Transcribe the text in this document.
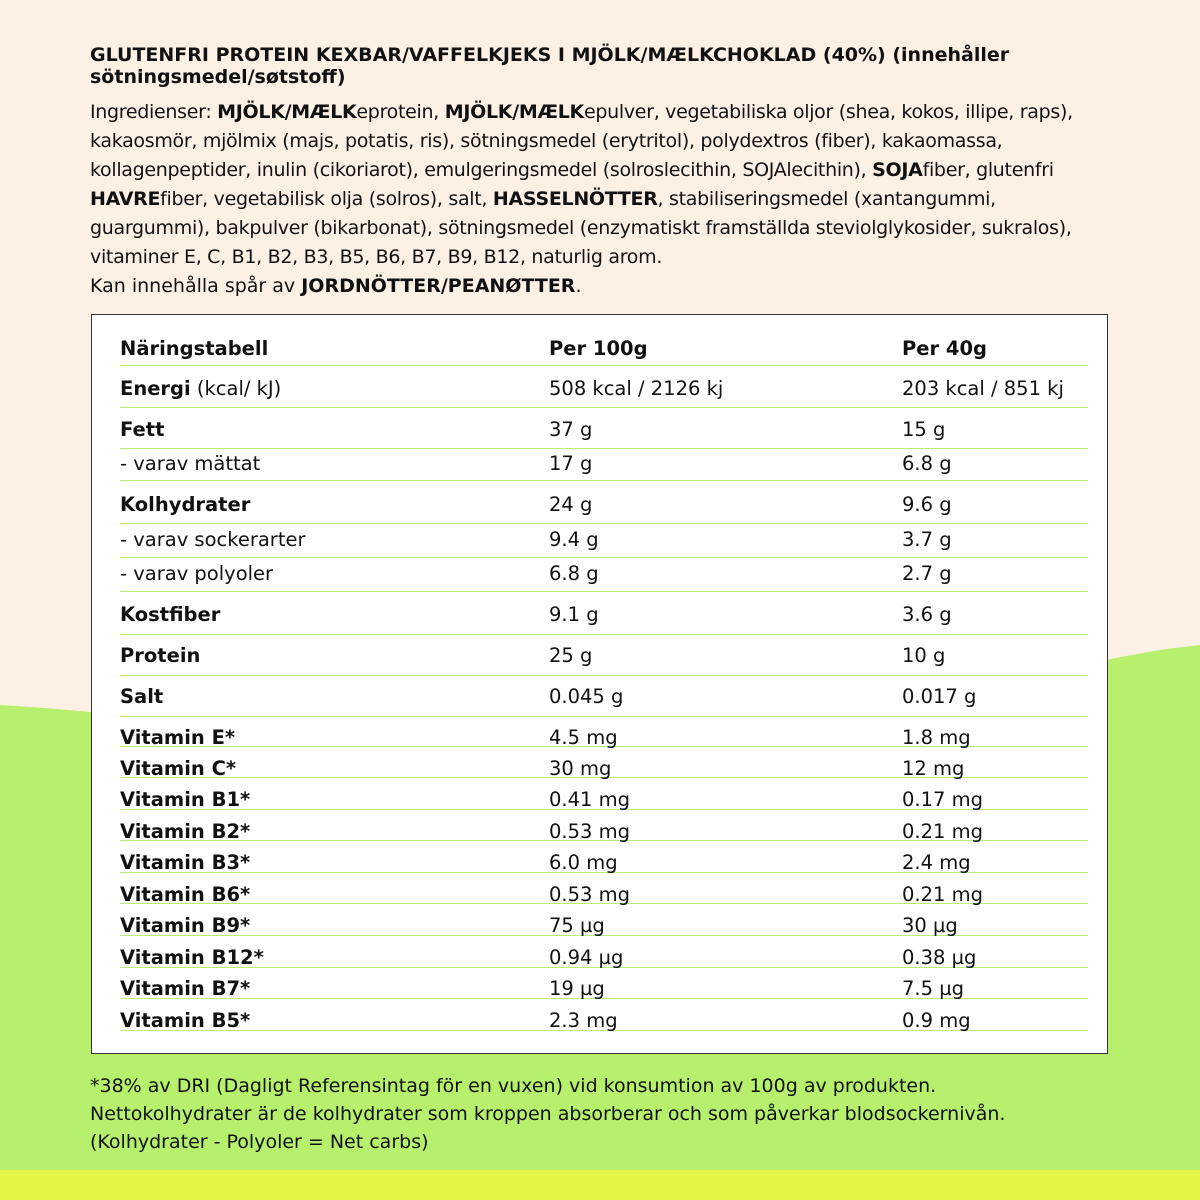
GLUTENFRI PROTEIN KEXBAR/VAFFELKJEKS I MJÖLK/MÆLKCHOKLAD (40%) (innehåller sötningsmedel/søtstoff)
Ingredienser: MJÖLK/MÆLKeprotein, MJÖLK/MÆLKepulver, vegetabiliska oljor (shea, kokos, illipe, raps), kakaosmör, mjölmix (majs, potatis, ris), sötningsmedel (erytritol), polydextros (fiber), kakaomassa, kollagenpeptider, inulin (cikoriarot), emulgeringsmedel (solroslecithin, SOJAlecithin), SOJAfiber, glutenfri HAVREfiber, vegetabilisk olja (solros), salt, HASSELNÖTTER, stabiliseringsmedel (xantangummi, guargummi), bakpulver (bikarbonat), sötningsmedel (enzymatiskt framställda steviolglykosider, sukralos), vitaminer E, C, B1, B2, B3, B5, B6, B7, B9, B12, naturlig arom.
Kan innehålla spår av JORDNÖTTER/PEANØTTER.
Näringstabell	Per 100g	Per 40g
Energi (kcal/ kJ)	508 kcal / 2126 kj	203 kcal / 851 kj
Fett	37 g	15 g
- varav mättat	17 g	6.8 g
Kolhydrater	24 g	9.6 g
- varav sockerarter	9.4 g	3.7 g
- varav polyoler	6.8 g	2.7 g
Kostfiber	9.1 g	3.6 g
Protein	25 g	10 g
Salt	0.045 g	0.017 g
Vitamin E*	4.5 mg	1.8 mg
Vitamin C*	30 mg	12 mg
Vitamin B1*	0.41 mg	0.17 mg
Vitamin B2*	0.53 mg	0.21 mg
Vitamin B3*	6.0 mg	2.4 mg
Vitamin B6*	0.53 mg	0.21 mg
Vitamin B9*	75 µg	30 µg
Vitamin B12*	0.94 µg	0.38 µg
Vitamin B7*	19 µg	7.5 µg
Vitamin B5*	2.3 mg	0.9 mg
*38% av DRI (Dagligt Referensintag för en vuxen) vid konsumtion av 100g av produkten.
Nettokolhydrater är de kolhydrater som kroppen absorberar och som påverkar blodsockernivån.
(Kolhydrater - Polyoler = Net carbs)
